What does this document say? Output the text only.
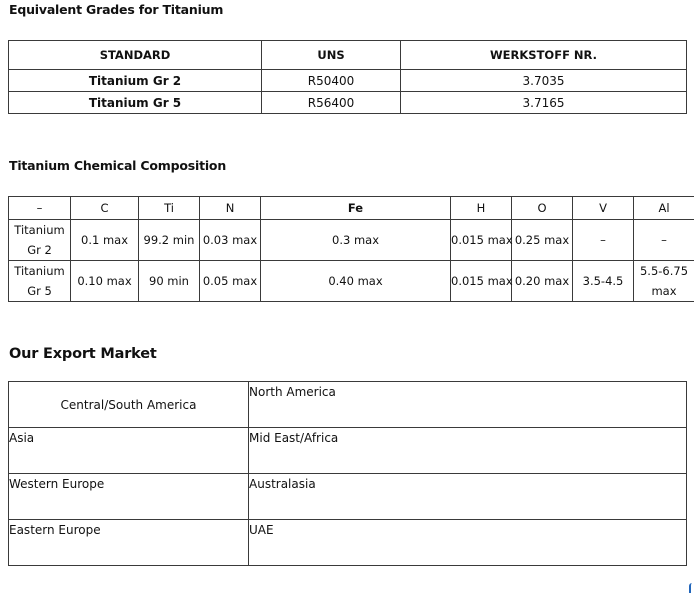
Equivalent Grades for Titanium
STANDARD	UNS	WERKSTOFF NR.
Titanium Gr 2	R50400	3.7035
Titanium Gr 5	R56400	3.7165
Titanium Chemical Composition
–	C	Ti	N	Fe	H	O	V	Al
Titanium Gr 2	0.1 max	99.2 min	0.03 max	0.3 max	0.015 max	0.25 max	–	–
Titanium Gr 5	0.10 max	90 min	0.05 max	0.40 max	0.015 max	0.20 max	3.5-4.5	5.5-6.75 max
Our Export Market
Central/South America	North America
Asia	Mid East/Africa
Western Europe	Australasia
Eastern Europe	UAE
